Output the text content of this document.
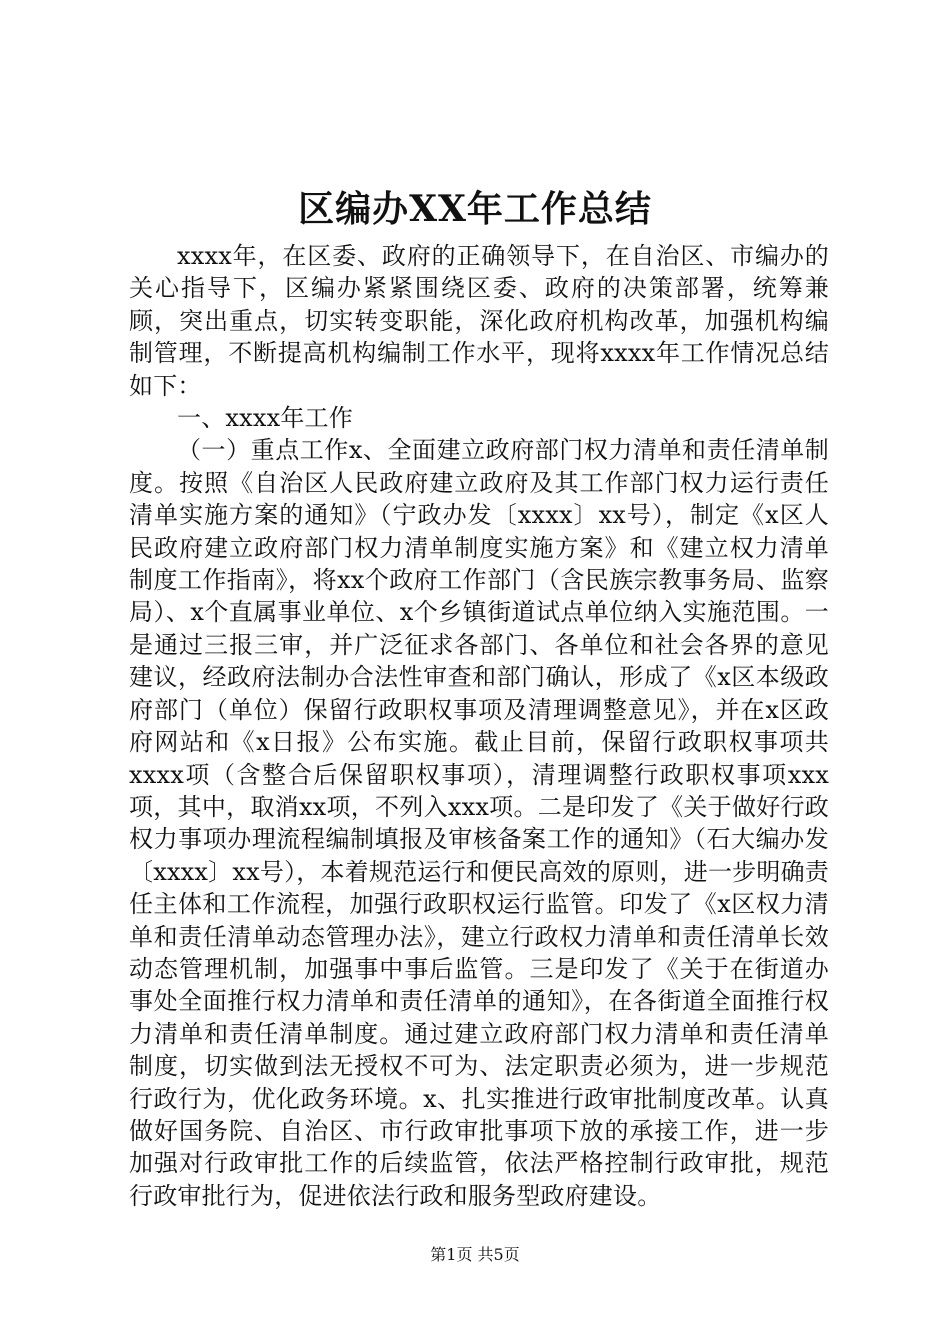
区编办XX年工作总结

xxxx年，在区委、政府的正确领导下，在自治区、市编办的关心指导下，区编办紧紧围绕区委、政府的决策部署，统筹兼顾，突出重点，切实转变职能，深化政府机构改革，加强机构编制管理，不断提高机构编制工作水平，现将xxxx年工作情况总结如下：

一、xxxx年工作

（一）重点工作x、全面建立政府部门权力清单和责任清单制度。按照《自治区人民政府建立政府及其工作部门权力运行责任清单实施方案的通知》（宁政办发〔xxxx〕xx号），制定《x区人民政府建立政府部门权力清单制度实施方案》和《建立权力清单制度工作指南》，将xx个政府工作部门（含民族宗教事务局、监察局）、x个直属事业单位、x个乡镇街道试点单位纳入实施范围。一是通过三报三审，并广泛征求各部门、各单位和社会各界的意见建议，经政府法制办合法性审查和部门确认，形成了《x区本级政府部门（单位）保留行政职权事项及清理调整意见》，并在x区政府网站和《x日报》公布实施。截止目前，保留行政职权事项共xxxx项（含整合后保留职权事项），清理调整行政职权事项xxx项，其中，取消xx项，不列入xxx项。二是印发了《关于做好行政权力事项办理流程编制填报及审核备案工作的通知》（石大编办发〔xxxx〕xx号），本着规范运行和便民高效的原则，进一步明确责任主体和工作流程，加强行政职权运行监管。印发了《x区权力清单和责任清单动态管理办法》，建立行政权力清单和责任清单长效动态管理机制，加强事中事后监管。三是印发了《关于在街道办事处全面推行权力清单和责任清单的通知》，在各街道全面推行权力清单和责任清单制度。通过建立政府部门权力清单和责任清单制度，切实做到法无授权不可为、法定职责必须为，进一步规范行政行为，优化政务环境。x、扎实推进行政审批制度改革。认真做好国务院、自治区、市行政审批事项下放的承接工作，进一步加强对行政审批工作的后续监管，依法严格控制行政审批，规范行政审批行为，促进依法行政和服务型政府建设。

第1页 共5页
